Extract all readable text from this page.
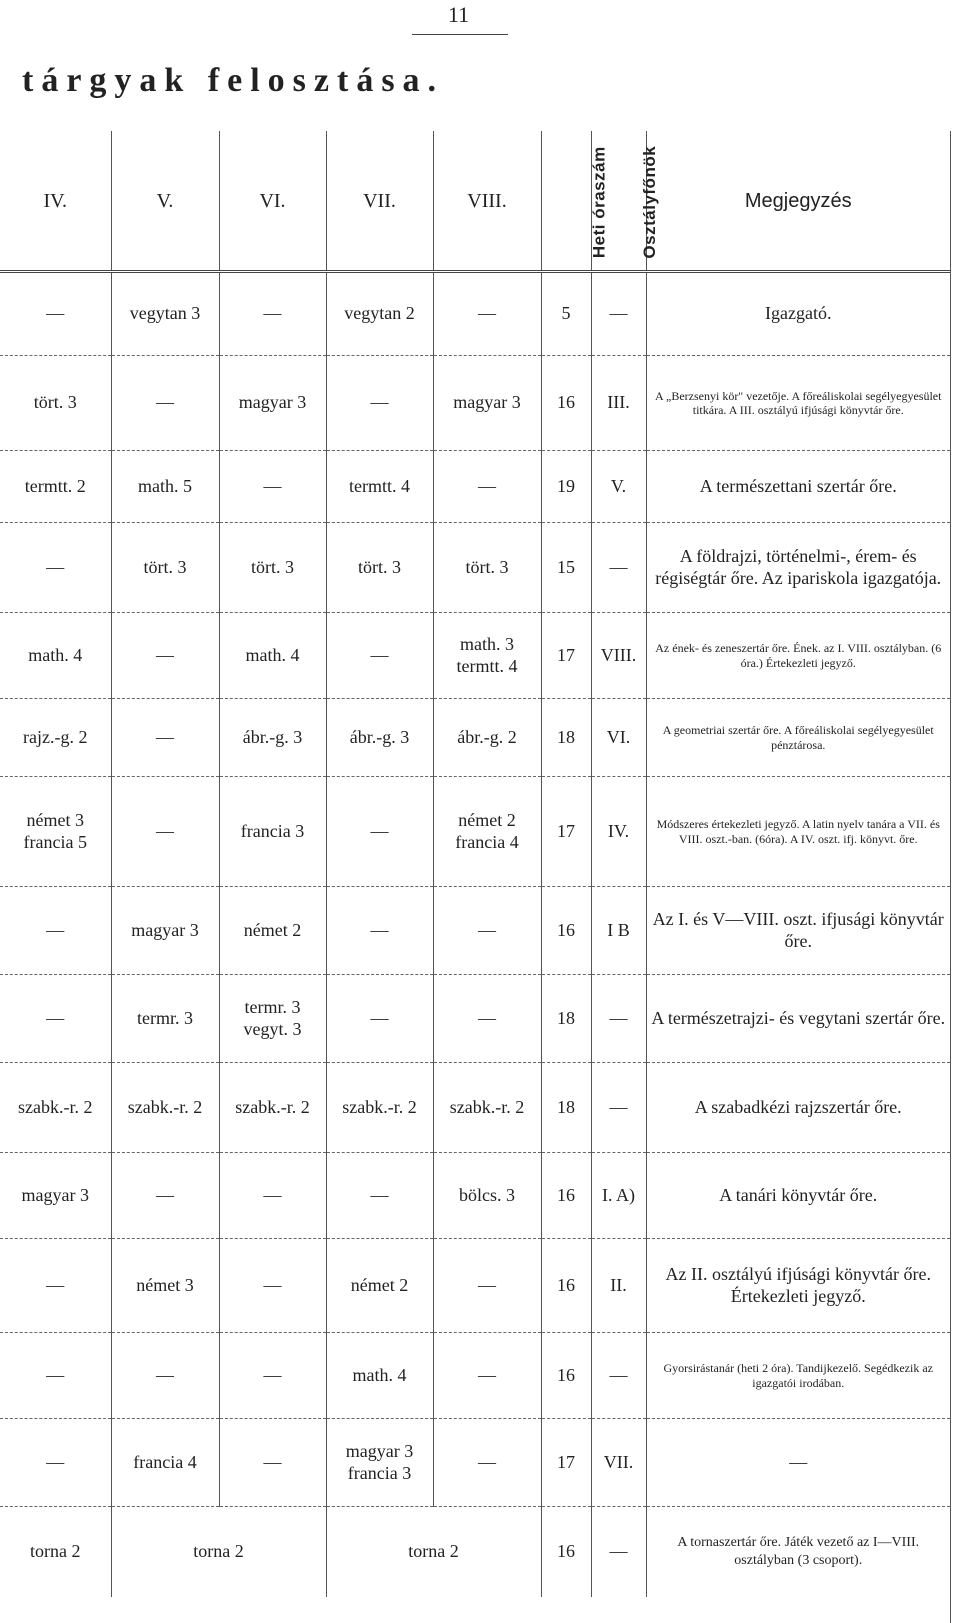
11
tárgyak felosztása.
IV.	V.	VI.	VII.	VIII.	Heti óraszám	Osztályfőnök	Megjegyzés
—	vegytan 3	—	vegytan 2	—	5	—	Igazgató.
tört. 3	—	magyar 3	—	magyar 3	16	III.	A „Berzsenyi kör" vezetője. A főreáliskolai segélyegyesület titkára. A III. osztályú ifjúsági könyvtár őre.
termtt. 2	math. 5	—	termtt. 4	—	19	V.	A természettani szertár őre.
—	tört. 3	tört. 3	tört. 3	tört. 3	15	—	A földrajzi, történelmi-, érem- és régiségtár őre. Az ipariskola igazgatója.
math. 4	—	math. 4	—	math. 3 termtt. 4	17	VIII.	Az ének- és zeneszertár őre. Ének. az I. VIII. osztályban. (6 óra.) Értekezleti jegyző.
rajz.-g. 2	—	ábr.-g. 3	ábr.-g. 3	ábr.-g. 2	18	VI.	A geometriai szertár őre. A főreáliskolai segélyegyesület pénztárosa.
német 3 francia 5	—	francia 3	—	német 2 francia 4	17	IV.	Módszeres értekezleti jegyző. A latin nyelv tanára a VII. és VIII. oszt.-ban. (6óra). A IV. oszt. ifj. könyvt. őre.
—	magyar 3	német 2	—	—	16	I B	Az I. és V—VIII. oszt. ifjusági könyvtár őre.
—	termr. 3	termr. 3 vegyt. 3	—	—	18	—	A természetrajzi- és vegytani szertár őre.
szabk.-r. 2	szabk.-r. 2	szabk.-r. 2	szabk.-r. 2	szabk.-r. 2	18	—	A szabadkézi rajzszertár őre.
magyar 3	—	—	—	bölcs. 3	16	I. A)	A tanári könyvtár őre.
—	német 3	—	német 2	—	16	II.	Az II. osztályú ifjúsági könyvtár őre. Értekezleti jegyző.
—	—	—	math. 4	—	16	—	Gyorsirástanár (heti 2 óra). Tandijkezelő. Segédkezik az igazgatói irodában.
—	francia 4	—	magyar 3 francia 3	—	17	VII.	—
torna 2	torna 2		torna 2		16	—	A tornaszertár őre. Játék vezető az I—VIII. osztályban (3 csoport).
